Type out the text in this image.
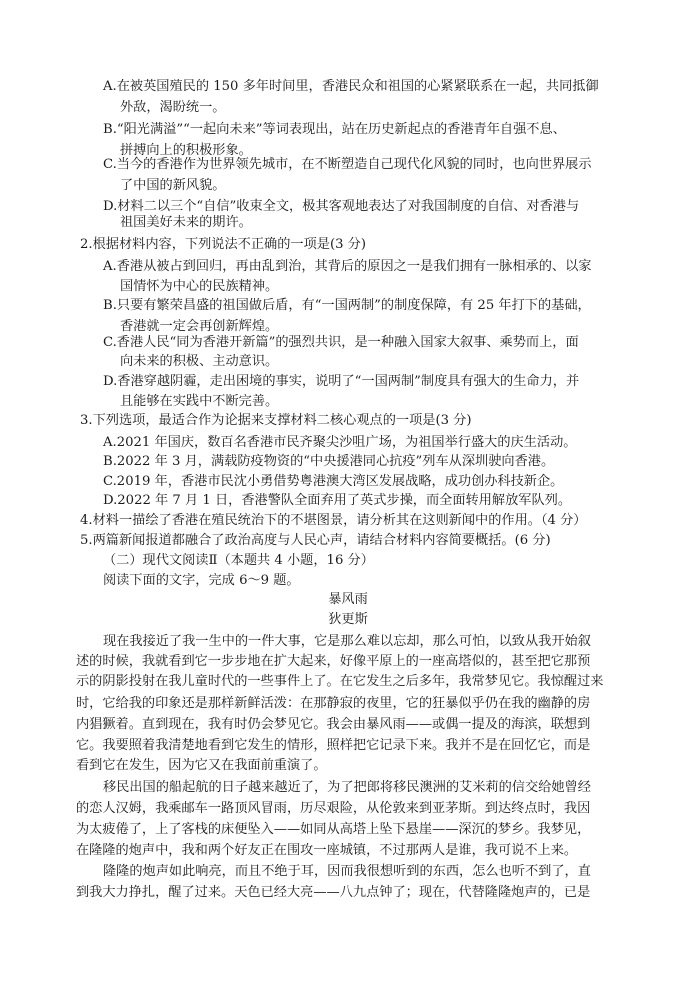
A.在被英国殖民的 150 多年时间里，香港民众和祖国的心紧紧联系在一起，共同抵御
外敌，渴盼统一。
B.“阳光满溢”“一起向未来”等词表现出，站在历史新起点的香港青年自强不息、
拼搏向上的积极形象。
C.当今的香港作为世界领先城市，在不断塑造自己现代化风貌的同时，也向世界展示
了中国的新风貌。
D.材料二以三个“自信”收束全文，极其客观地表达了对我国制度的自信、对香港与
祖国美好未来的期许。
2.根据材料内容，下列说法不正确的一项是(3 分)
A.香港从被占到回归，再由乱到治，其背后的原因之一是我们拥有一脉相承的、以家
国情怀为中心的民族精神。
B.只要有繁荣昌盛的祖国做后盾，有“一国两制”的制度保障，有 25 年打下的基础，
香港就一定会再创新辉煌。
C.香港人民“同为香港开新篇”的强烈共识，是一种融入国家大叙事、乘势而上，面
向未来的积极、主动意识。
D.香港穿越阴霾，走出困境的事实，说明了“一国两制”制度具有强大的生命力，并
且能够在实践中不断完善。
3.下列选项，最适合作为论据来支撑材料二核心观点的一项是(3 分)
A.2021 年国庆，数百名香港市民齐聚尖沙咀广场，为祖国举行盛大的庆生活动。
B.2022 年 3 月，满载防疫物资的“中央援港同心抗疫”列车从深圳驶向香港。
C.2019 年，香港市民沈小勇借势粤港澳大湾区发展战略，成功创办科技新企。
D.2022 年 7 月 1 日，香港警队全面弃用了英式步操，而全面转用解放军队列。
4.材料一描绘了香港在殖民统治下的不堪图景，请分析其在这则新闻中的作用。（4 分）
5.两篇新闻报道都融合了政治高度与人民心声，请结合材料内容简要概括。(6 分)
（二）现代文阅读Ⅱ（本题共 4 小题，16 分）
阅读下面的文字，完成 6～9 题。
暴风雨
狄更斯
现在我接近了我一生中的一件大事，它是那么难以忘却，那么可怕，以致从我开始叙
述的时候，我就看到它一步步地在扩大起来，好像平原上的一座高塔似的，甚至把它那预
示的阴影投射在我儿童时代的一些事件上了。在它发生之后多年，我常梦见它。我惊醒过来
时，它给我的印象还是那样新鲜活泼：在那静寂的夜里，它的狂暴似乎仍在我的幽静的房
内猖獗着。直到现在，我有时仍会梦见它。我会由暴风雨——或偶一提及的海滨，联想到
它。我要照着我清楚地看到它发生的情形，照样把它记录下来。我并不是在回忆它，而是
看到它在发生，因为它又在我面前重演了。
移民出国的船起航的日子越来越近了，为了把郎将移民澳洲的艾米莉的信交给她曾经
的恋人汉姆，我乘邮车一路顶风冒雨，历尽艰险，从伦敦来到亚茅斯。到达终点时，我因
为太疲倦了，上了客栈的床便坠入——如同从高塔上坠下悬崖——深沉的梦乡。我梦见，
在隆隆的炮声中，我和两个好友正在围攻一座城镇，不过那两人是谁，我可说不上来。
隆隆的炮声如此响亮，而且不绝于耳，因而我很想听到的东西，怎么也听不到了，直
到我大力挣扎，醒了过来。天色已经大亮——八九点钟了；现在，代替隆隆炮声的，已是
